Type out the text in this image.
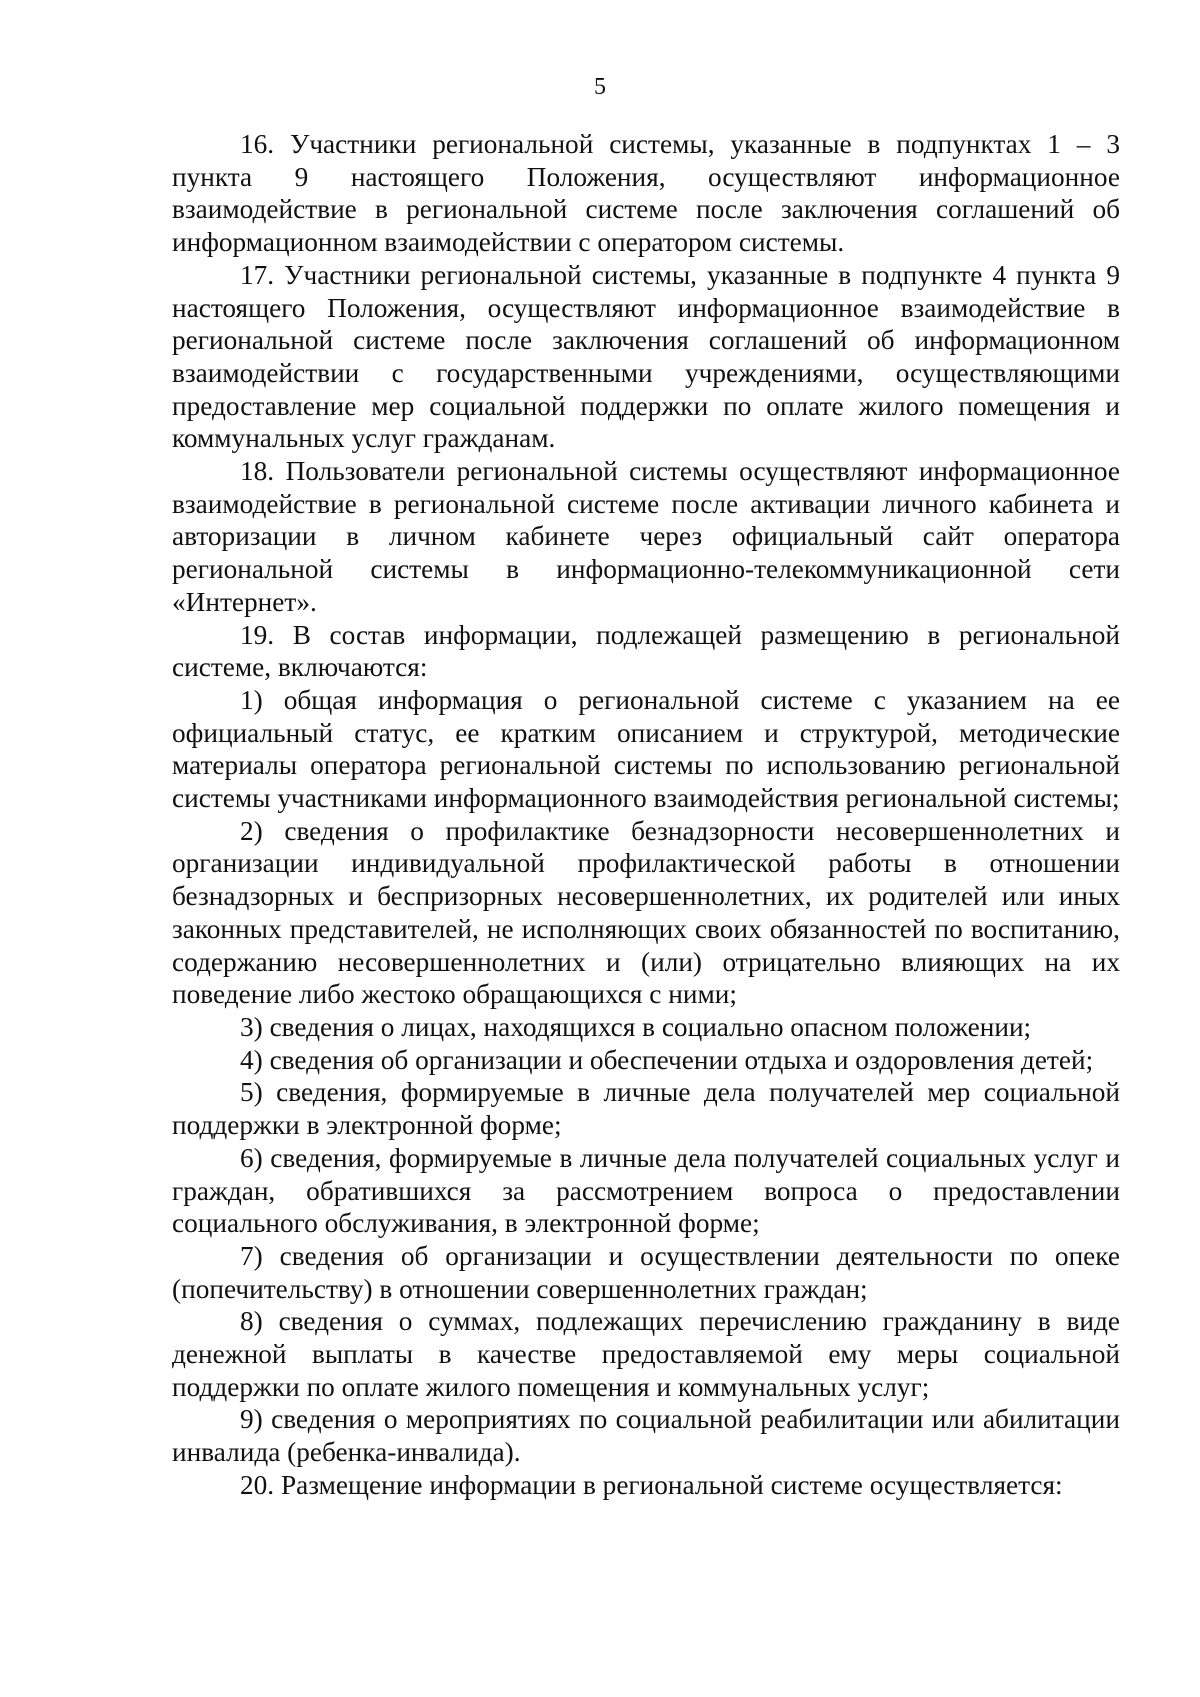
5

16. Участники региональной системы, указанные в подпунктах 1 – 3 пункта 9 настоящего Положения, осуществляют информационное взаимодействие в региональной системе после заключения соглашений об информационном взаимодействии с оператором системы.

17. Участники региональной системы, указанные в подпункте 4 пункта 9 настоящего Положения, осуществляют информационное взаимодействие в региональной системе после заключения соглашений об информационном взаимодействии с государственными учреждениями, осуществляющими предоставление мер социальной поддержки по оплате жилого помещения и коммунальных услуг гражданам.

18. Пользователи региональной системы осуществляют информационное взаимодействие в региональной системе после активации личного кабинета и авторизации в личном кабинете через официальный сайт оператора региональной системы в информационно-телекоммуникационной сети «Интернет».

19. В состав информации, подлежащей размещению в региональной системе, включаются:

1) общая информация о региональной системе с указанием на ее официальный статус, ее кратким описанием и структурой, методические материалы оператора региональной системы по использованию региональной системы участниками информационного взаимодействия региональной системы;

2) сведения о профилактике безнадзорности несовершеннолетних и организации индивидуальной профилактической работы в отношении безнадзорных и беспризорных несовершеннолетних, их родителей или иных законных представителей, не исполняющих своих обязанностей по воспитанию, содержанию несовершеннолетних и (или) отрицательно влияющих на их поведение либо жестоко обращающихся с ними;

3) сведения о лицах, находящихся в социально опасном положении;

4) сведения об организации и обеспечении отдыха и оздоровления детей;

5) сведения, формируемые в личные дела получателей мер социальной поддержки в электронной форме;

6) сведения, формируемые в личные дела получателей социальных услуг и граждан, обратившихся за рассмотрением вопроса о предоставлении социального обслуживания, в электронной форме;

7) сведения об организации и осуществлении деятельности по опеке (попечительству) в отношении совершеннолетних граждан;

8) сведения о суммах, подлежащих перечислению гражданину в виде денежной выплаты в качестве предоставляемой ему меры социальной поддержки по оплате жилого помещения и коммунальных услуг;

9) сведения о мероприятиях по социальной реабилитации или абилитации инвалида (ребенка-инвалида).

20. Размещение информации в региональной системе осуществляется:
